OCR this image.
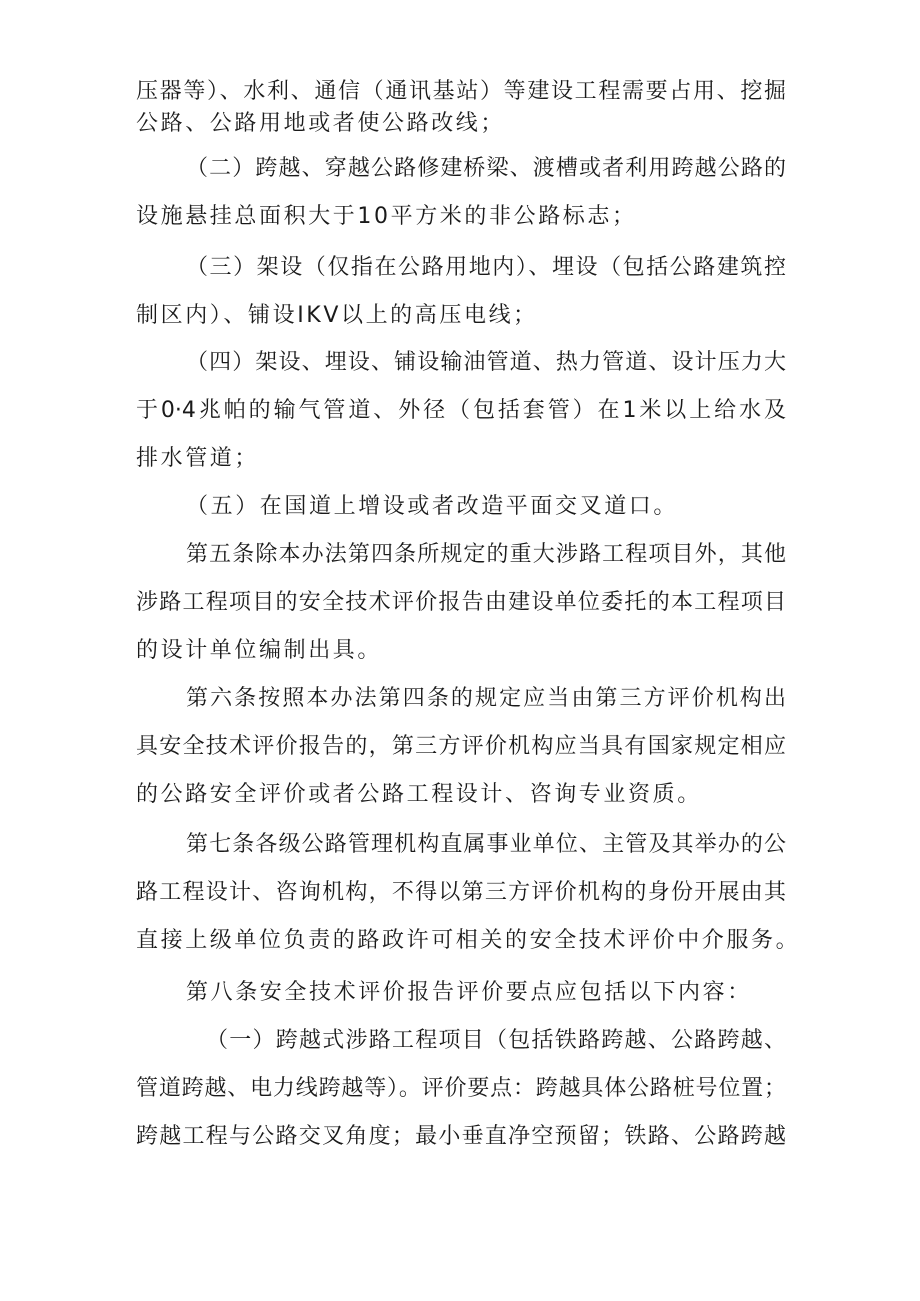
压器等）、水利、通信（通讯基站）等建设工程需要占用、挖掘
公路、公路用地或者使公路改线；
（二）跨越、穿越公路修建桥梁、渡槽或者利用跨越公路的
设施悬挂总面积大于10平方米的非公路标志；
（三）架设（仅指在公路用地内）、埋设（包括公路建筑控
制区内）、铺设IKV以上的高压电线；
（四）架设、埋设、铺设输油管道、热力管道、设计压力大
于0·4兆帕的输气管道、外径（包括套管）在1米以上给水及
排水管道；
（五）在国道上增设或者改造平面交叉道口。
第五条除本办法第四条所规定的重大涉路工程项目外，其他
涉路工程项目的安全技术评价报告由建设单位委托的本工程项目
的设计单位编制出具。
第六条按照本办法第四条的规定应当由第三方评价机构出
具安全技术评价报告的，第三方评价机构应当具有国家规定相应
的公路安全评价或者公路工程设计、咨询专业资质。
第七条各级公路管理机构直属事业单位、主管及其举办的公
路工程设计、咨询机构，不得以第三方评价机构的身份开展由其
直接上级单位负责的路政许可相关的安全技术评价中介服务。
第八条安全技术评价报告评价要点应包括以下内容：
（一）跨越式涉路工程项目（包括铁路跨越、公路跨越、
管道跨越、电力线跨越等）。评价要点：跨越具体公路桩号位置；
跨越工程与公路交叉角度；最小垂直净空预留；铁路、公路跨越
